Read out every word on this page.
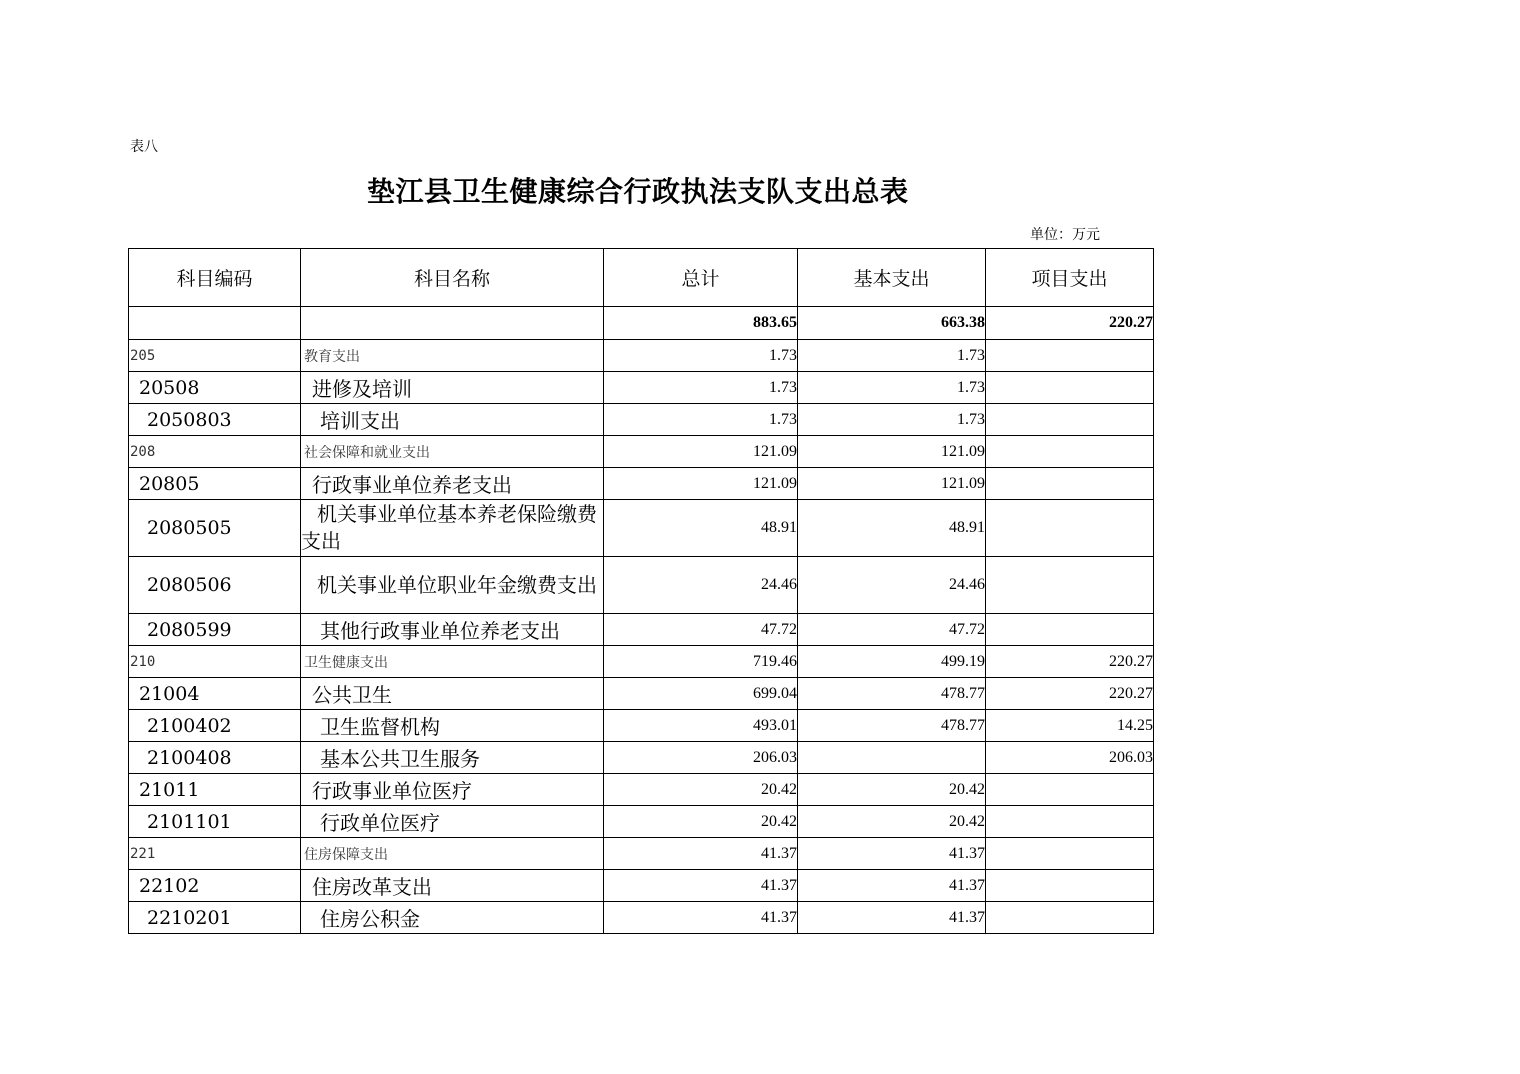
表八
垫江县卫生健康综合行政执法支队支出总表
单位：万元
科目编码	科目名称	总计	基本支出	项目支出
		883.65	663.38	220.27
205	教育支出	1.73	1.73	
20508	进修及培训	1.73	1.73	
2050803	培训支出	1.73	1.73	
208	社会保障和就业支出	121.09	121.09	
20805	行政事业单位养老支出	121.09	121.09	
2080505	机关事业单位基本养老保险缴费支出	48.91	48.91	
2080506	机关事业单位职业年金缴费支出	24.46	24.46	
2080599	其他行政事业单位养老支出	47.72	47.72	
210	卫生健康支出	719.46	499.19	220.27
21004	公共卫生	699.04	478.77	220.27
2100402	卫生监督机构	493.01	478.77	14.25
2100408	基本公共卫生服务	206.03		206.03
21011	行政事业单位医疗	20.42	20.42	
2101101	行政单位医疗	20.42	20.42	
221	住房保障支出	41.37	41.37	
22102	住房改革支出	41.37	41.37	
2210201	住房公积金	41.37	41.37	
